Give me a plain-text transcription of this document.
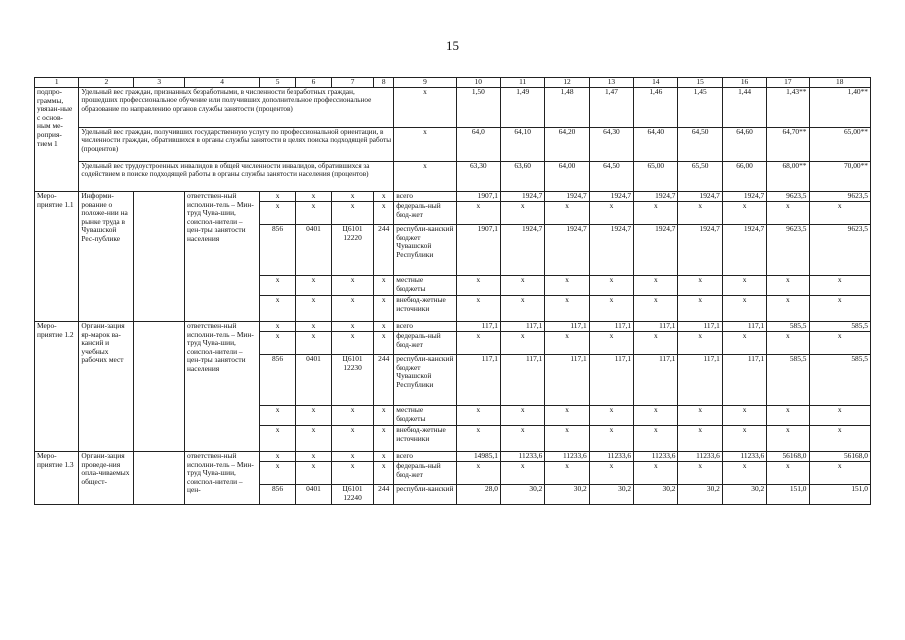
15
1	2	3	4	5	6	7	8	9	10	11	12	13	14	15	16	17	18
подпро-граммы, увязан-ные с основ-ным ме-роприя-тием 1	Удельный вес граждан, признанных безработными, в численности безработных граждан, прошедших профессиональное обучение или получивших дополнительное профессиональное образование по направлению органов службы занятости (процентов)							x	1,50	1,49	1,48	1,47	1,46	1,45	1,44	1,43**	1,40**
	Удельный вес граждан, получивших государственную услугу по профессиональной ориентации, в численности граждан, обратившихся в органы службы занятости в целях поиска подходящей работы (процентов)							x	64,0	64,10	64,20	64,30	64,40	64,50	64,60	64,70**	65,00**
	Удельный вес трудоустроенных инвалидов в общей численности инвалидов, обратившихся за содействием в поиске подходящей работы в органы службы занятости населения (процентов)							x	63,30	63,60	64,00	64,50	65,00	65,50	66,00	68,00**	70,00**
Меро-приятие 1.1	Информи-рование о положе-нии на рынке труда в Чувашской Рес-публике		ответствен-ный исполни-тель – Мин-труд Чува-шии, соиспол-нители – цен-тры занятости населения	x	x	x	x	всего	1907,1	1924,7	1924,7	1924,7	1924,7	1924,7	1924,7	9623,5	9623,5
				x	x	x	x	федераль-ный бюд-жет	x	x	x	x	x	x	x	x	x
				856	0401	Ц6101 12220	244	республи-канский бюджет Чувашской Республики	1907,1	1924,7	1924,7	1924,7	1924,7	1924,7	1924,7	9623,5	9623,5
				x	x	x	x	местные бюджеты	x	x	x	x	x	x	x	x	x
				x	x	x	x	внебюд-жетные источники	x	x	x	x	x	x	x	x	x
Меро-приятие 1.2	Органи-зация яр-марок ва-кансий и учебных рабочих мест		ответствен-ный исполни-тель – Мин-труд Чува-шии, соиспол-нители – цен-тры занятости населения	x	x	x	x	всего	117,1	117,1	117,1	117,1	117,1	117,1	117,1	585,5	585,5
				x	x	x	x	федераль-ный бюд-жет	x	x	x	x	x	x	x	x	x
				856	0401	Ц6101 12230	244	республи-канский бюджет Чувашской Республики	117,1	117,1	117,1	117,1	117,1	117,1	117,1	585,5	585,5
				x	x	x	x	местные бюджеты	x	x	x	x	x	x	x	x	x
				x	x	x	x	внебюд-жетные источники	x	x	x	x	x	x	x	x	x
Меро-приятие 1.3	Органи-зация проведе-ния опла-чиваемых общест-		ответствен-ный исполни-тель – Мин-труд Чува-шии, соиспол-нители – цен-	x	x	x	x	всего	14985,1	11233,6	11233,6	11233,6	11233,6	11233,6	11233,6	56168,0	56168,0
				x	x	x	x	федераль-ный бюд-жет	x	x	x	x	x	x	x	x	x
				856	0401	Ц6101 12240	244	республи-канский	28,0	30,2	30,2	30,2	30,2	30,2	30,2	151,0	151,0
